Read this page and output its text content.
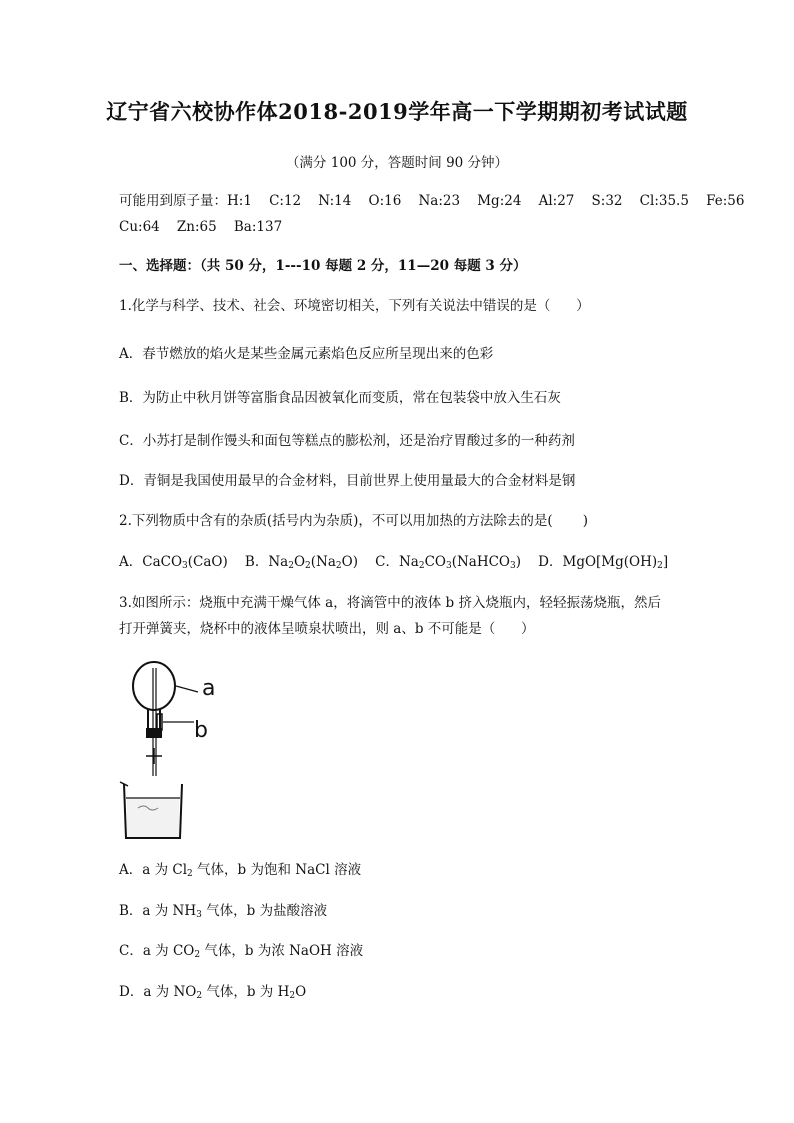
辽宁省六校协作体2018-2019学年高一下学期期初考试试题
（满分 100 分，答题时间 90 分钟）
可能用到原子量：H:1    C:12    N:14    O:16    Na:23    Mg:24    Al:27    S:32    Cl:35.5    Fe:56
Cu:64    Zn:65    Ba:137
一、选择题：（共 50 分，1---10 每题 2 分，11—20 每题 3 分）
1.化学与科学、技术、社会、环境密切相关，下列有关说法中错误的是（      ）
A．春节燃放的焰火是某些金属元素焰色反应所呈现出来的色彩
B．为防止中秋月饼等富脂食品因被氧化而变质，常在包装袋中放入生石灰
C．小苏打是制作馒头和面包等糕点的膨松剂，还是治疗胃酸过多的一种药剂
D．青铜是我国使用最早的合金材料，目前世界上使用量最大的合金材料是钢
2.下列物质中含有的杂质(括号内为杂质)，不可以用加热的方法除去的是(       )
A．CaCO$_3$(CaO)    B．$Na_2O_2(Na_2O)$    C．$Na_2CO_3(NaHCO_3)$    D．$MgO[Mg(OH)_2]$
3.如图所示：烧瓶中充满干燥气体 a，将滴管中的液体 b 挤入烧瓶内，轻轻振荡烧瓶，然后
打开弹簧夹，烧杯中的液体呈喷泉状喷出，则 a、b 不可能是（      ）
a
b
A．a 为 $Cl_2$ 气体，b 为饱和 NaCl 溶液
B．a 为 $NH_3$ 气体，b 为盐酸溶液
C．a 为 $CO_2$ 气体，b 为浓 NaOH 溶液
D．a 为 $NO_2$ 气体，b 为 $H_2O$
